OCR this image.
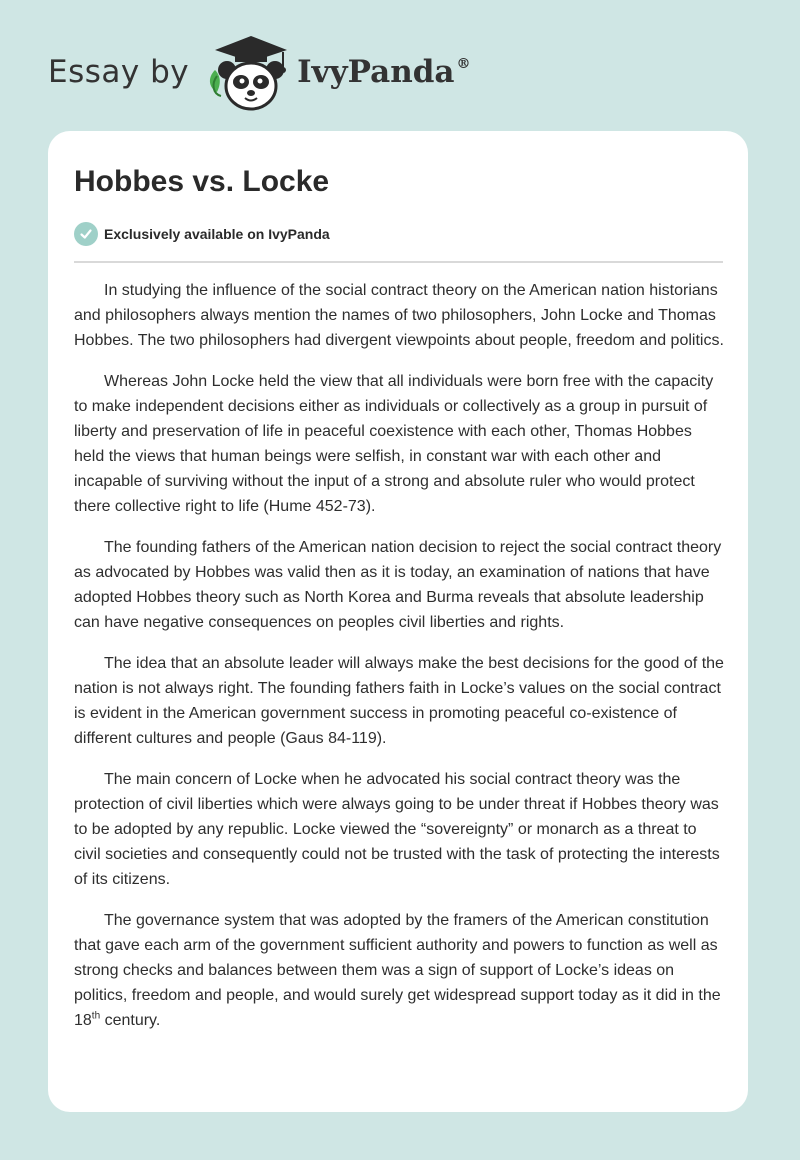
Essay by	IvyPanda ®
Hobbes vs. Locke
Exclusively available on IvyPanda

In studying the influence of the social contract theory on the American nation historians and philosophers always mention the names of two philosophers, John Locke and Thomas Hobbes. The two philosophers had divergent viewpoints about people, freedom and politics.

Whereas John Locke held the view that all individuals were born free with the capacity to make independent decisions either as individuals or collectively as a group in pursuit of liberty and preservation of life in peaceful coexistence with each other, Thomas Hobbes held the views that human beings were selfish, in constant war with each other and incapable of surviving without the input of a strong and absolute ruler who would protect there collective right to life (Hume 452-73).

The founding fathers of the American nation decision to reject the social contract theory as advocated by Hobbes was valid then as it is today, an examination of nations that have adopted Hobbes theory such as North Korea and Burma reveals that absolute leadership can have negative consequences on peoples civil liberties and rights.

The idea that an absolute leader will always make the best decisions for the good of the nation is not always right. The founding fathers faith in Locke’s values on the social contract is evident in the American government success in promoting peaceful co-existence of different cultures and people (Gaus 84-119).

The main concern of Locke when he advocated his social contract theory was the protection of civil liberties which were always going to be under threat if Hobbes theory was to be adopted by any republic. Locke viewed the “sovereignty” or monarch as a threat to civil societies and consequently could not be trusted with the task of protecting the interests of its citizens.

The governance system that was adopted by the framers of the American constitution that gave each arm of the government sufficient authority and powers to function as well as strong checks and balances between them was a sign of support of Locke’s ideas on politics, freedom and people, and would surely get widespread support today as it did in the 18th century.
